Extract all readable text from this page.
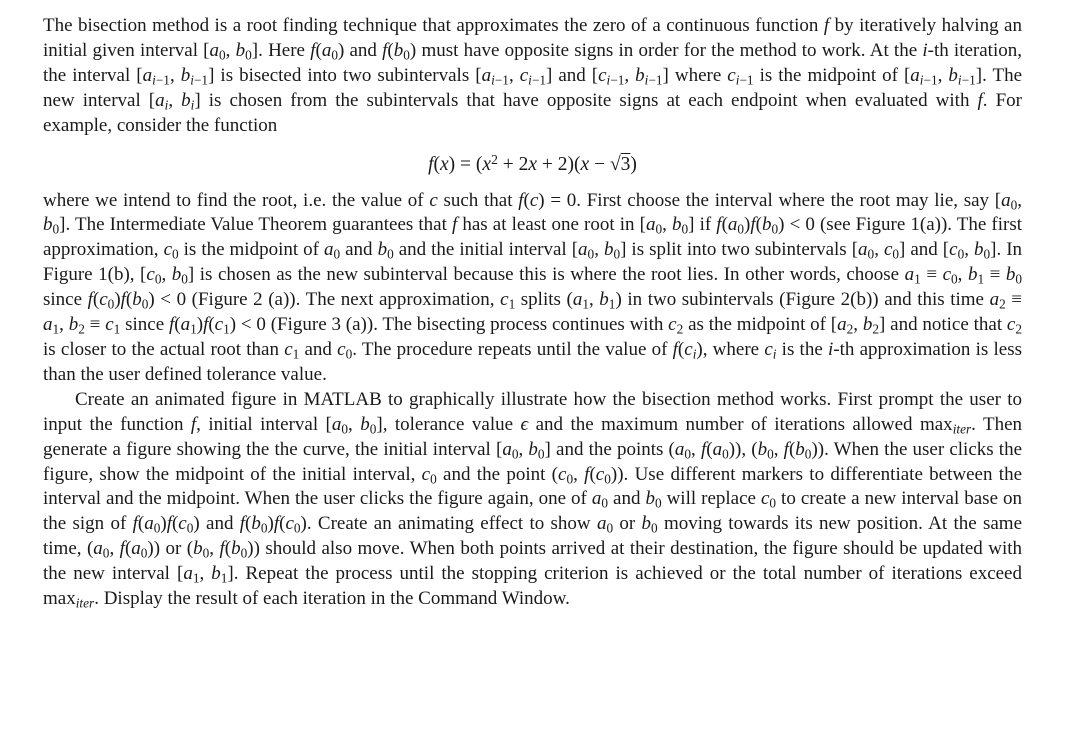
The bisection method is a root finding technique that approximates the zero of a continuous function f by iteratively halving an initial given interval [$a_0$, $b_0$]. Here $f(a_0)$ and $f(b_0)$ must have opposite signs in order for the method to work. At the i-th iteration, the interval [$a_{i-1}$, $b_{i-1}$] is bisected into two subintervals [$a_{i-1}$, $c_{i-1}$] and [$c_{i-1}$, $b_{i-1}$] where $c_{i-1}$ is the midpoint of [$a_{i-1}$, $b_{i-1}$]. The new interval [$a_i$, $b_i$] is chosen from the subintervals that have opposite signs at each endpoint when evaluated with f. For example, consider the function

$f(x) = (x^2 + 2x + 2)(x - √3)$

where we intend to find the root, i.e. the value of c such that f(c) = 0. First choose the interval where the root may lie, say [$a_0$, $b_0$]. The Intermediate Value Theorem guarantees that f has at least one root in [$a_0$, $b_0$] if $f(a_0)f(b_0) < 0$ (see Figure 1(a)). The first approximation, $c_0$ is the midpoint of $a_0$ and $b_0$ and the initial interval [$a_0$, $b_0$] is split into two subintervals [$a_0$, $c_0$] and [$c_0$, $b_0$]. In Figure 1(b), [$c_0$, $b_0$] is chosen as the new subinterval because this is where the root lies. In other words, choose $a_1 \equiv c_0$, $b_1 \equiv b_0$ since $f(c_0)f(b_0) < 0$ (Figure 2 (a)). The next approximation, $c_1$ splits ($a_1$, $b_1$) in two subintervals (Figure 2(b)) and this time $a_2 \equiv a_1$, $b_2 \equiv c_1$ since $f(a_1)f(c_1) < 0$ (Figure 3 (a)). The bisecting process continues with $c_2$ as the midpoint of [$a_2$, $b_2$] and notice that $c_2$ is closer to the actual root than $c_1$ and $c_0$. The procedure repeats until the value of $f(c_i)$, where $c_i$ is the i-th approximation is less than the user defined tolerance value.

Create an animated figure in MATLAB to graphically illustrate how the bisection method works. First prompt the user to input the function f, initial interval [$a_0$, $b_0$], tolerance value ϵ and the maximum number of iterations allowed $\max_{iter}$. Then generate a figure showing the the curve, the initial interval [$a_0$, $b_0$] and the points ($a_0$, $f(a_0)$), ($b_0$, $f(b_0)$). When the user clicks the figure, show the midpoint of the initial interval, $c_0$ and the point ($c_0$, $f(c_0)$). Use different markers to differentiate between the interval and the midpoint. When the user clicks the figure again, one of $a_0$ and $b_0$ will replace $c_0$ to create a new interval base on the sign of $f(a_0)f(c_0)$ and $f(b_0)f(c_0)$. Create an animating effect to show $a_0$ or $b_0$ moving towards its new position. At the same time, ($a_0$, $f(a_0)$) or ($b_0$, $f(b_0)$) should also move. When both points arrived at their destination, the figure should be updated with the new interval [$a_1$, $b_1$]. Repeat the process until the stopping criterion is achieved or the total number of iterations exceed $\max_{iter}$. Display the result of each iteration in the Command Window.
